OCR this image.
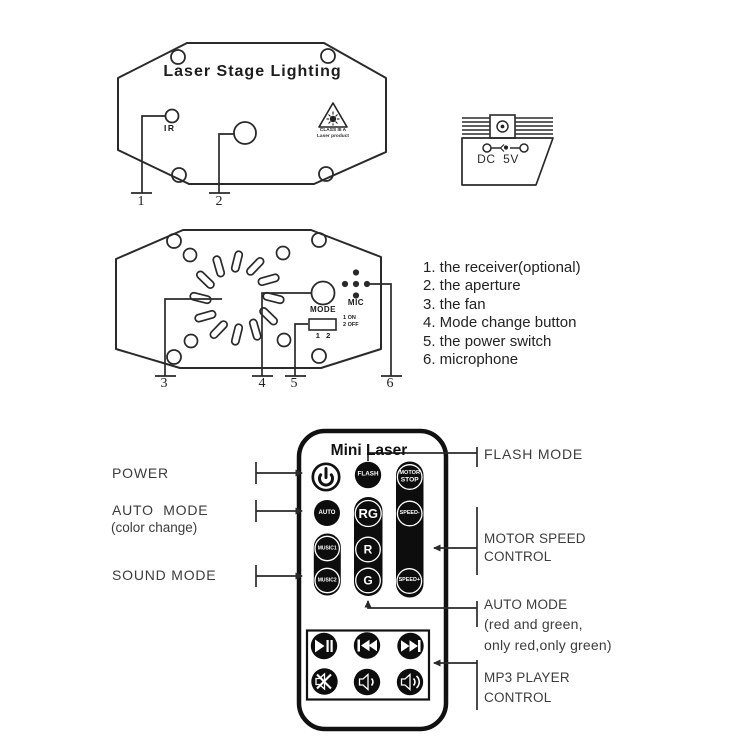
Laser Stage Lighting
IR	CLASS III A
Laser product
1	2
DC  5V
MODE
MIC
1   2
1 ON
2 OFF
3	4	5	6
1. the receiver(optional)
2. the aperture
3. the fan
4. Mode change button
5. the power switch
6. microphone
Mini Laser
FLASH	MOTOR
STOP
AUTO RG	SPEED-
MUSIC1 R
MUSIC2 G	SPEED+
POWER
AUTO  MODE
(color change)
SOUND MODE
FLASH MODE
MOTOR SPEED
CONTROL
AUTO MODE
(red and green,
only red,only green)
MP3 PLAYER
CONTROL
